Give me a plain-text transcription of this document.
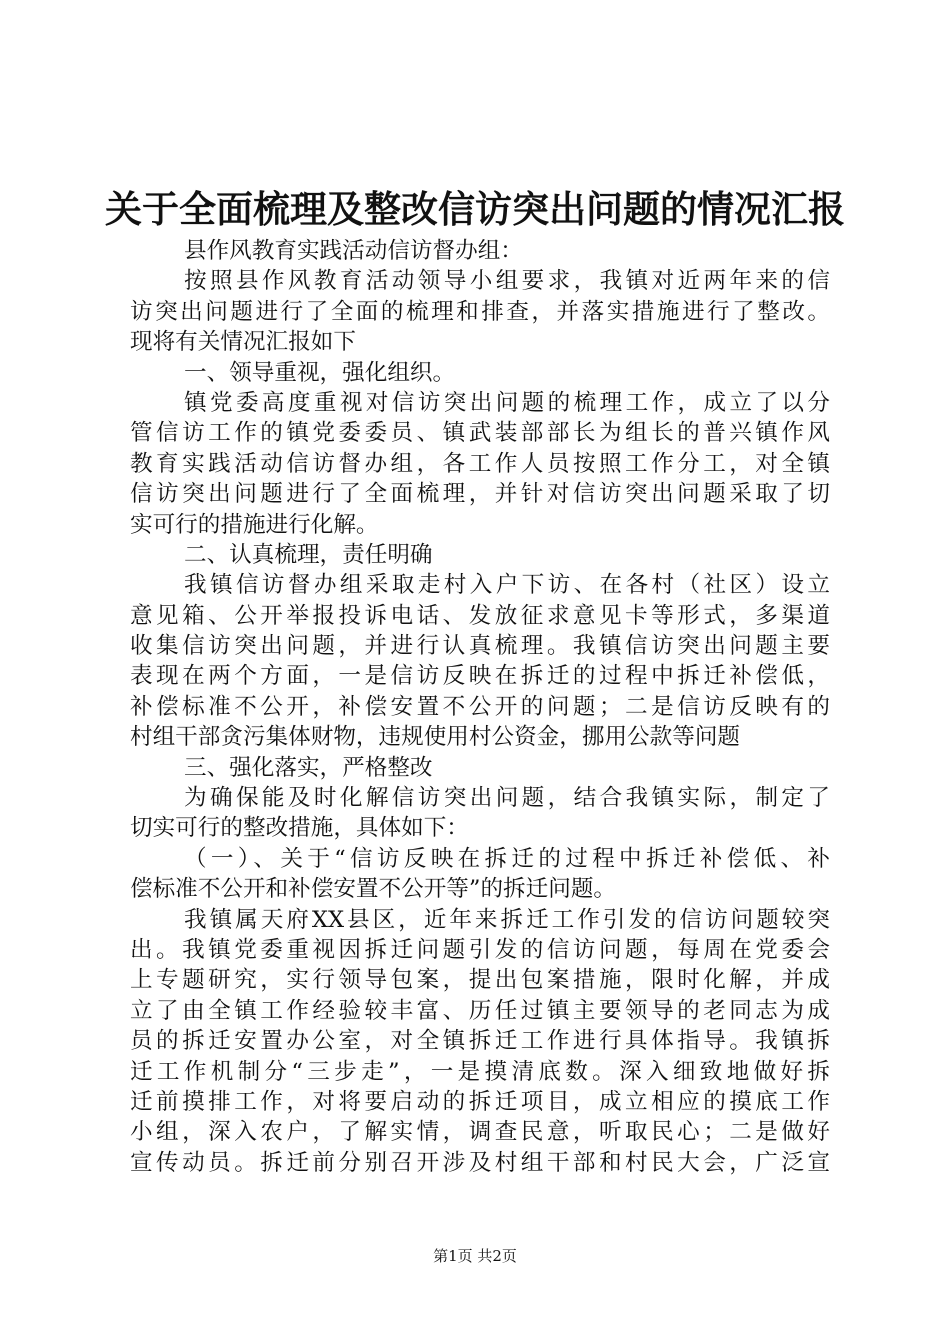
关于全面梳理及整改信访突出问题的情况汇报
县作风教育实践活动信访督办组：
按照县作风教育活动领导小组要求，我镇对近两年来的信
访突出问题进行了全面的梳理和排查，并落实措施进行了整改。
现将有关情况汇报如下
一、领导重视，强化组织。
镇党委高度重视对信访突出问题的梳理工作，成立了以分
管信访工作的镇党委委员、镇武装部部长为组长的普兴镇作风
教育实践活动信访督办组，各工作人员按照工作分工，对全镇
信访突出问题进行了全面梳理，并针对信访突出问题采取了切
实可行的措施进行化解。
二、认真梳理，责任明确
我镇信访督办组采取走村入户下访、在各村（社区）设立
意见箱、公开举报投诉电话、发放征求意见卡等形式，多渠道
收集信访突出问题，并进行认真梳理。我镇信访突出问题主要
表现在两个方面，一是信访反映在拆迁的过程中拆迁补偿低，
补偿标准不公开，补偿安置不公开的问题；二是信访反映有的
村组干部贪污集体财物，违规使用村公资金，挪用公款等问题
三、强化落实，严格整改
为确保能及时化解信访突出问题，结合我镇实际，制定了
切实可行的整改措施，具体如下：
（一）、关于“信访反映在拆迁的过程中拆迁补偿低、补
偿标准不公开和补偿安置不公开等”的拆迁问题。
我镇属天府XX县区，近年来拆迁工作引发的信访问题较突
出。我镇党委重视因拆迁问题引发的信访问题，每周在党委会
上专题研究，实行领导包案，提出包案措施，限时化解，并成
立了由全镇工作经验较丰富、历任过镇主要领导的老同志为成
员的拆迁安置办公室，对全镇拆迁工作进行具体指导。我镇拆
迁工作机制分“三步走”，一是摸清底数。深入细致地做好拆
迁前摸排工作，对将要启动的拆迁项目，成立相应的摸底工作
小组，深入农户，了解实情，调查民意，听取民心；二是做好
宣传动员。拆迁前分别召开涉及村组干部和村民大会，广泛宣
第1页 共2页
